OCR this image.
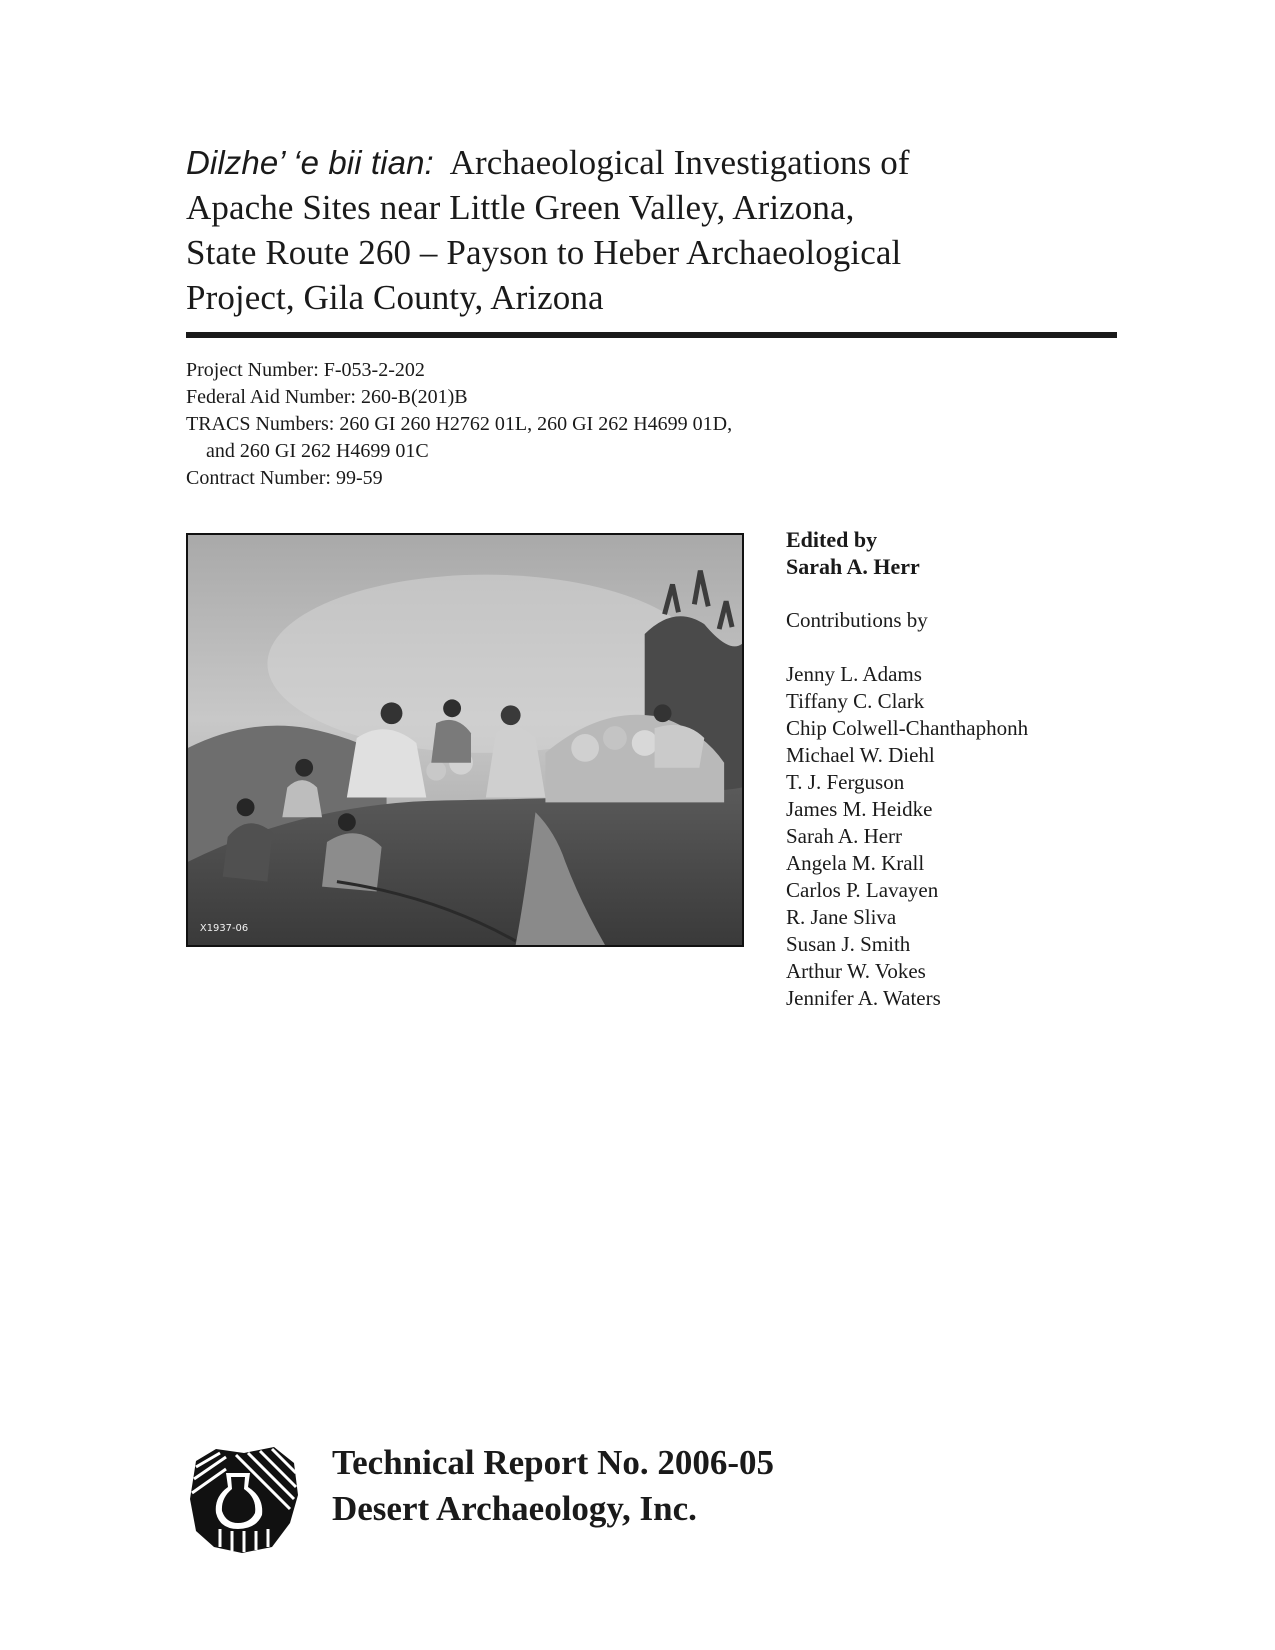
Dilzhe’ ‘e bii tian: Archaeological Investigations of
Apache Sites near Little Green Valley, Arizona,
State Route 260 – Payson to Heber Archaeological
Project, Gila County, Arizona
Project Number: F-053-2-202
Federal Aid Number: 260-B(201)B
TRACS Numbers: 260 GI 260 H2762 01L, 260 GI 262 H4699 01D,
and 260 GI 262 H4699 01C
Contract Number: 99-59
X1937-06
Edited by
Sarah A. Herr
Contributions by
Jenny L. Adams
Tiffany C. Clark
Chip Colwell-Chanthaphonh
Michael W. Diehl
T. J. Ferguson
James M. Heidke
Sarah A. Herr
Angela M. Krall
Carlos P. Lavayen
R. Jane Sliva
Susan J. Smith
Arthur W. Vokes
Jennifer A. Waters
Technical Report No. 2006-05
Desert Archaeology, Inc.
